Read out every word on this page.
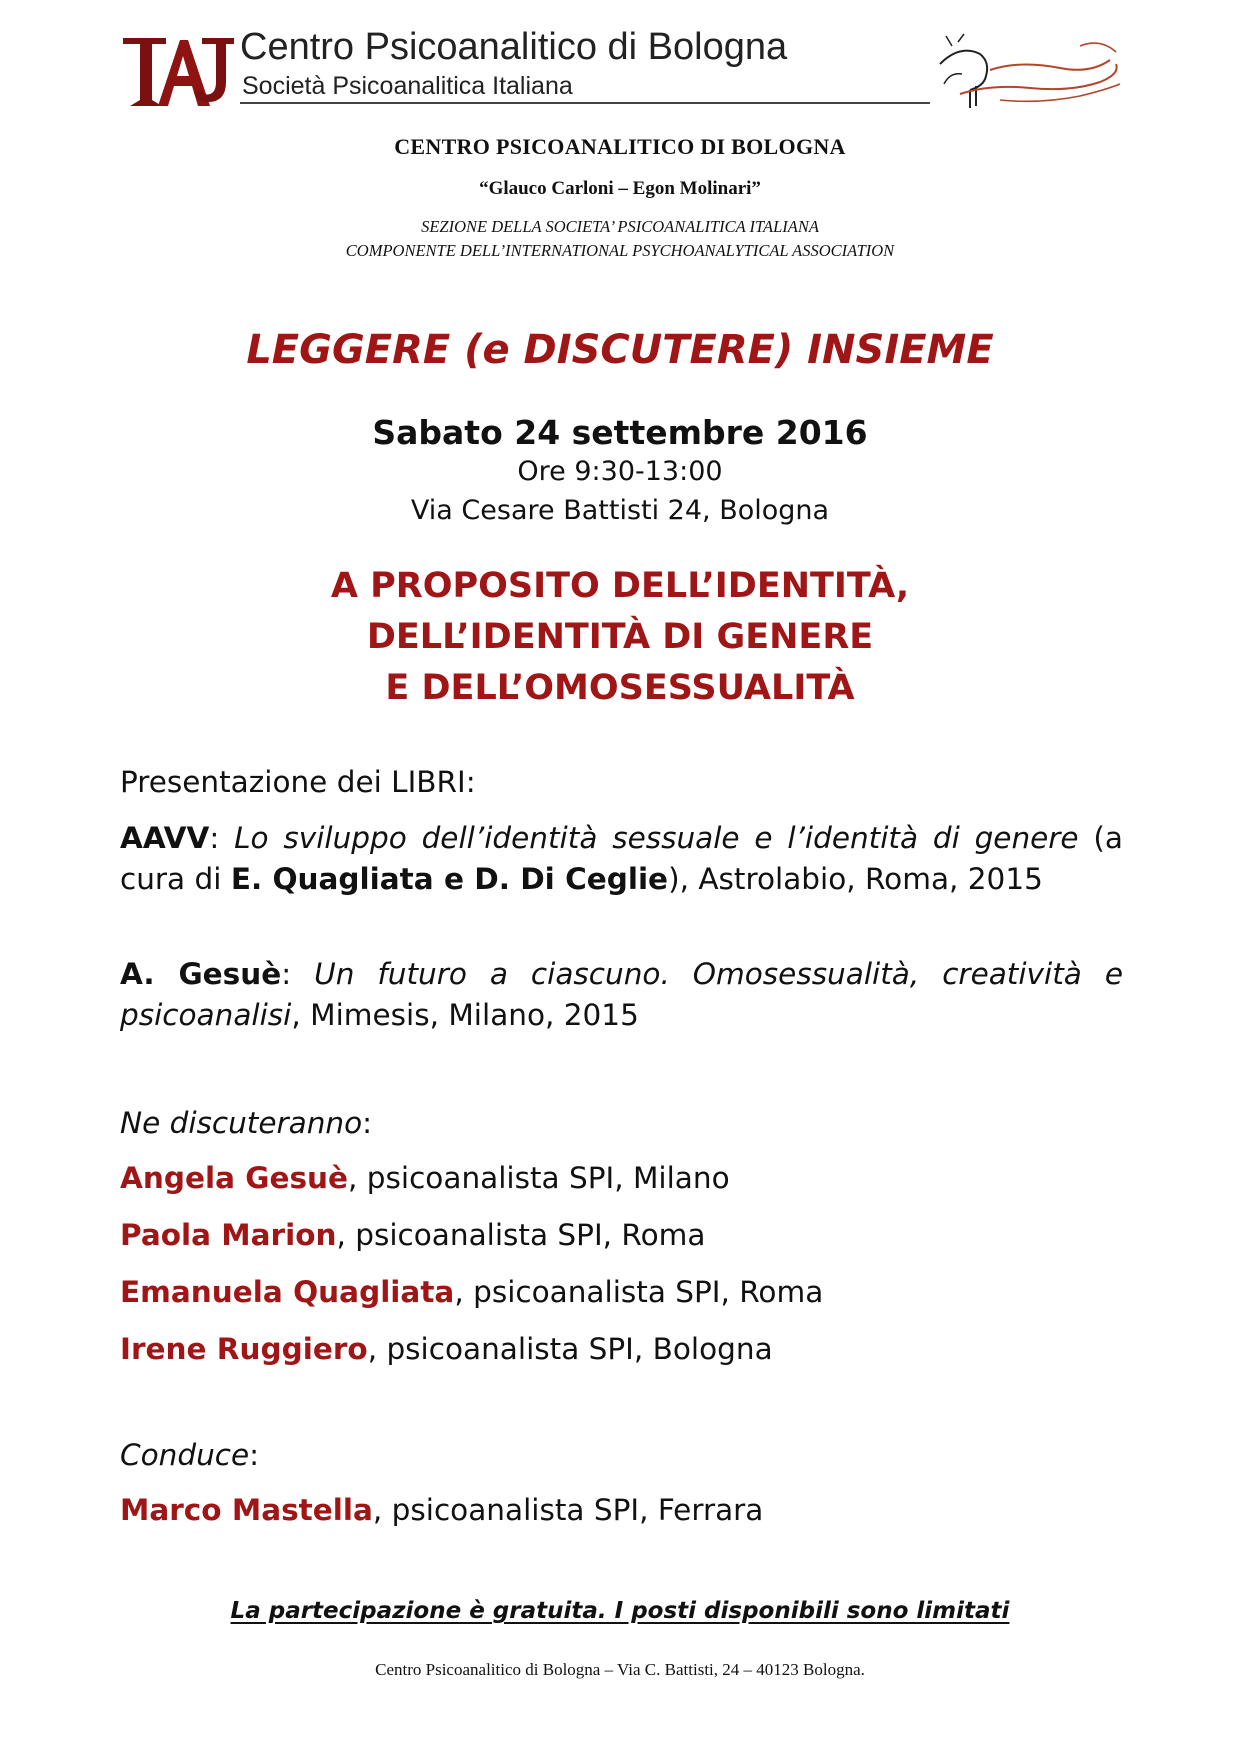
Centro Psicoanalitico di Bologna
Società Psicoanalitica Italiana
CENTRO PSICOANALITICO DI BOLOGNA
“Glauco Carloni – Egon Molinari”
SEZIONE DELLA SOCIETA’ PSICOANALITICA ITALIANA
COMPONENTE DELL’INTERNATIONAL PSYCHOANALYTICAL ASSOCIATION
LEGGERE (e DISCUTERE) INSIEME
Sabato 24 settembre 2016
Ore 9:30-13:00
Via Cesare Battisti 24, Bologna
A PROPOSITO DELL’IDENTITÀ,
DELL’IDENTITÀ DI GENERE
E DELL’OMOSESSUALITÀ
Presentazione dei LIBRI:
AAVV: Lo sviluppo dell’identità sessuale e l’identità di genere (a cura di E. Quagliata e D. Di Ceglie), Astrolabio, Roma, 2015
A. Gesuè: Un futuro a ciascuno. Omosessualità, creatività e psicoanalisi, Mimesis, Milano, 2015
Ne discuteranno:
Angela Gesuè, psicoanalista SPI, Milano
Paola Marion, psicoanalista SPI, Roma
Emanuela Quagliata, psicoanalista SPI, Roma
Irene Ruggiero, psicoanalista SPI, Bologna
Conduce:
Marco Mastella, psicoanalista SPI, Ferrara
La partecipazione è gratuita. I posti disponibili sono limitati
Centro Psicoanalitico di Bologna – Via C. Battisti, 24 – 40123 Bologna.
